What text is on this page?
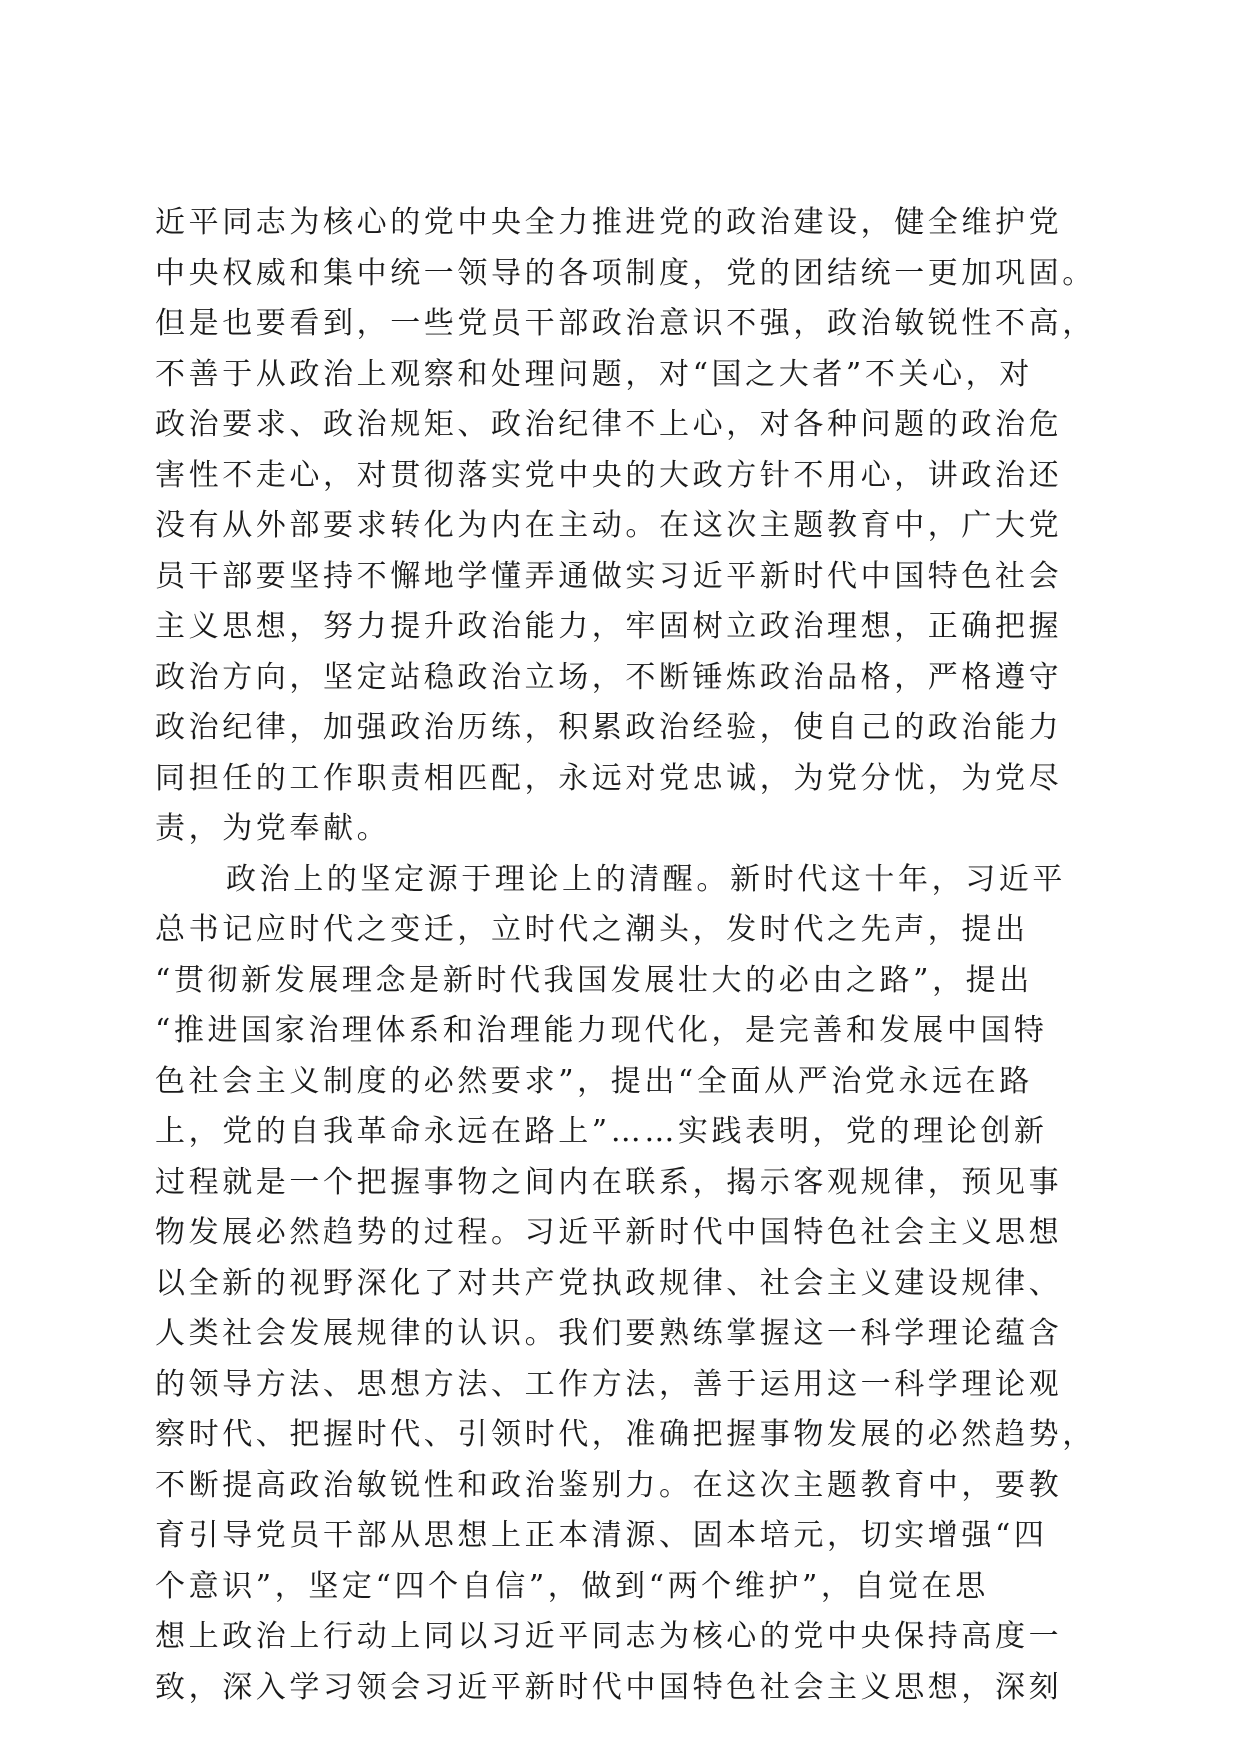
近平同志为核心的党中央全力推进党的政治建设，健全维护党
中央权威和集中统一领导的各项制度，党的团结统一更加巩固。
但是也要看到，一些党员干部政治意识不强，政治敏锐性不高，
不善于从政治上观察和处理问题，对“国之大者”不关心，对
政治要求、政治规矩、政治纪律不上心，对各种问题的政治危
害性不走心，对贯彻落实党中央的大政方针不用心，讲政治还
没有从外部要求转化为内在主动。在这次主题教育中，广大党
员干部要坚持不懈地学懂弄通做实习近平新时代中国特色社会
主义思想，努力提升政治能力，牢固树立政治理想，正确把握
政治方向，坚定站稳政治立场，不断锤炼政治品格，严格遵守
政治纪律，加强政治历练，积累政治经验，使自己的政治能力
同担任的工作职责相匹配，永远对党忠诚，为党分忧，为党尽
责，为党奉献。
政治上的坚定源于理论上的清醒。新时代这十年，习近平
总书记应时代之变迁，立时代之潮头，发时代之先声，提出
“贯彻新发展理念是新时代我国发展壮大的必由之路”，提出
“推进国家治理体系和治理能力现代化，是完善和发展中国特
色社会主义制度的必然要求”，提出“全面从严治党永远在路
上，党的自我革命永远在路上”……实践表明，党的理论创新
过程就是一个把握事物之间内在联系，揭示客观规律，预见事
物发展必然趋势的过程。习近平新时代中国特色社会主义思想
以全新的视野深化了对共产党执政规律、社会主义建设规律、
人类社会发展规律的认识。我们要熟练掌握这一科学理论蕴含
的领导方法、思想方法、工作方法，善于运用这一科学理论观
察时代、把握时代、引领时代，准确把握事物发展的必然趋势，
不断提高政治敏锐性和政治鉴别力。在这次主题教育中，要教
育引导党员干部从思想上正本清源、固本培元，切实增强“四
个意识”，坚定“四个自信”，做到“两个维护”，自觉在思
想上政治上行动上同以习近平同志为核心的党中央保持高度一
致，深入学习领会习近平新时代中国特色社会主义思想，深刻
